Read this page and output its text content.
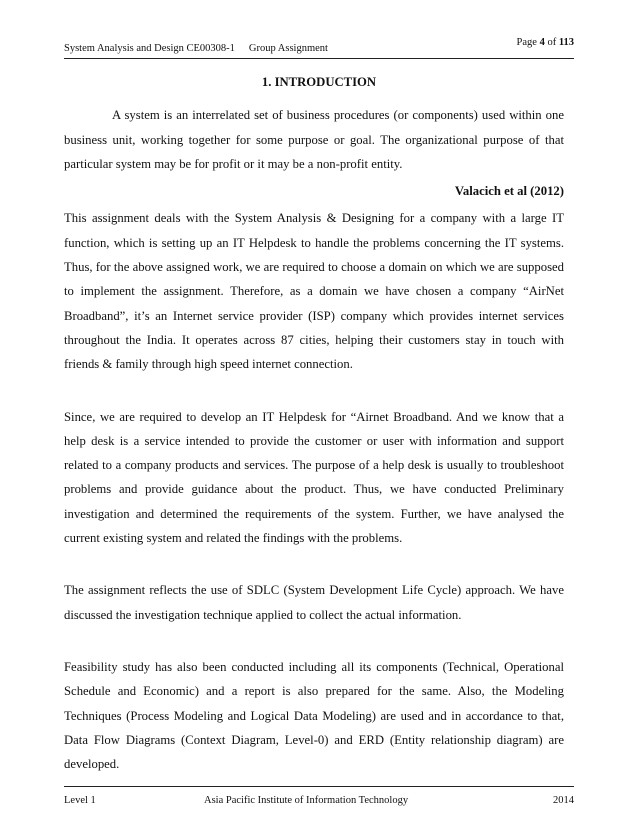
System Analysis and Design CE00308-1 Group Assignment
Page 4 of 113
1. INTRODUCTION

A system is an interrelated set of business procedures (or components) used within one business unit, working together for some purpose or goal. The organizational purpose of that particular system may be for profit or it may be a non-profit entity.

Valacich et al (2012)

This assignment deals with the System Analysis & Designing for a company with a large IT function, which is setting up an IT Helpdesk to handle the problems concerning the IT systems. Thus, for the above assigned work, we are required to choose a domain on which we are supposed to implement the assignment. Therefore, as a domain we have chosen a company “AirNet Broadband”, it’s an Internet service provider (ISP) company which provides internet services throughout the India. It operates across 87 cities, helping their customers stay in touch with friends & family through high speed internet connection.

Since, we are required to develop an IT Helpdesk for “Airnet Broadband. And we know that a help desk is a service intended to provide the customer or user with information and support related to a company products and services. The purpose of a help desk is usually to troubleshoot problems and provide guidance about the product. Thus, we have conducted Preliminary investigation and determined the requirements of the system. Further, we have analysed the current existing system and related the findings with the problems.

The assignment reflects the use of SDLC (System Development Life Cycle) approach. We have discussed the investigation technique applied to collect the actual information.

Feasibility study has also been conducted including all its components (Technical, Operational Schedule and Economic) and a report is also prepared for the same. Also, the Modeling Techniques (Process Modeling and Logical Data Modeling) are used and in accordance to that, Data Flow Diagrams (Context Diagram, Level-0) and ERD (Entity relationship diagram) are developed.

Level 1	Asia Pacific Institute of Information Technology	2014
